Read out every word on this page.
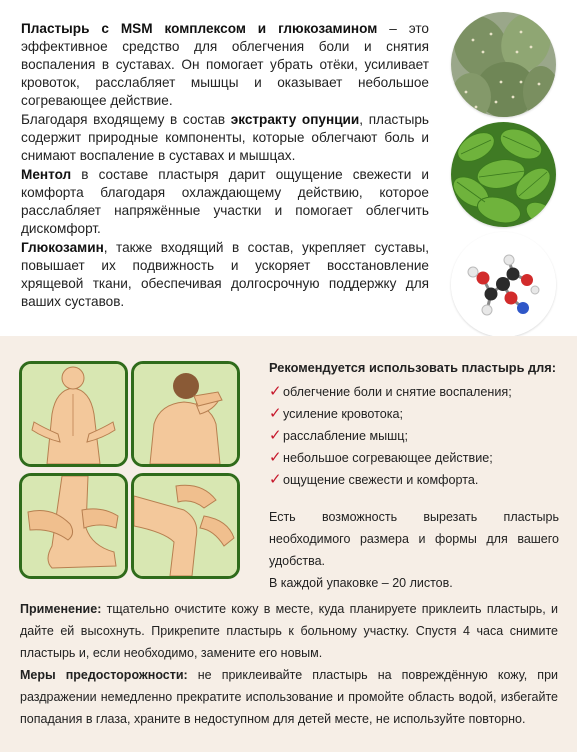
Пластырь с MSM комплексом и глюкозамином – это эффективное средство для облегчения боли и снятия воспаления в суставах. Он помогает убрать отёки, усиливает кровоток, расслабляет мышцы и оказывает небольшое согревающее действие.

Благодаря входящему в состав экстракту опунции, пластырь содержит природные компоненты, которые облегчают боль и снимают воспаление в суставах и мышцах.

Ментол в составе пластыря дарит ощущение свежести и комфорта благодаря охлаждающему действию, которое расслабляет напряжённые участки и помогает облегчить дискомфорт.

Глюкозамин, также входящий в состав, укрепляет суставы, повышает их подвижность и ускоряет восстановление хрящевой ткани, обеспечивая долгосрочную поддержку для ваших суставов.

Рекомендуется использовать пластырь для:
✓ облегчение боли и снятие воспаления;
✓ усиление кровотока;
✓ расслабление мышц;
✓ небольшое согревающее действие;
✓ ощущение свежести и комфорта.
Есть возможность вырезать пластырь необходимого размера и формы для вашего удобства.
В каждой упаковке – 20 листов.

Применение: тщательно очистите кожу в месте, куда планируете приклеить пластырь, и дайте ей высохнуть. Прикрепите пластырь к больному участку. Спустя 4 часа снимите пластырь и, если необходимо, замените его новым.

Меры предосторожности: не приклеивайте пластырь на повреждённую кожу, при раздражении немедленно прекратите использование и промойте область водой, избегайте попадания в глаза, храните в недоступном для детей месте, не используйте повторно.
